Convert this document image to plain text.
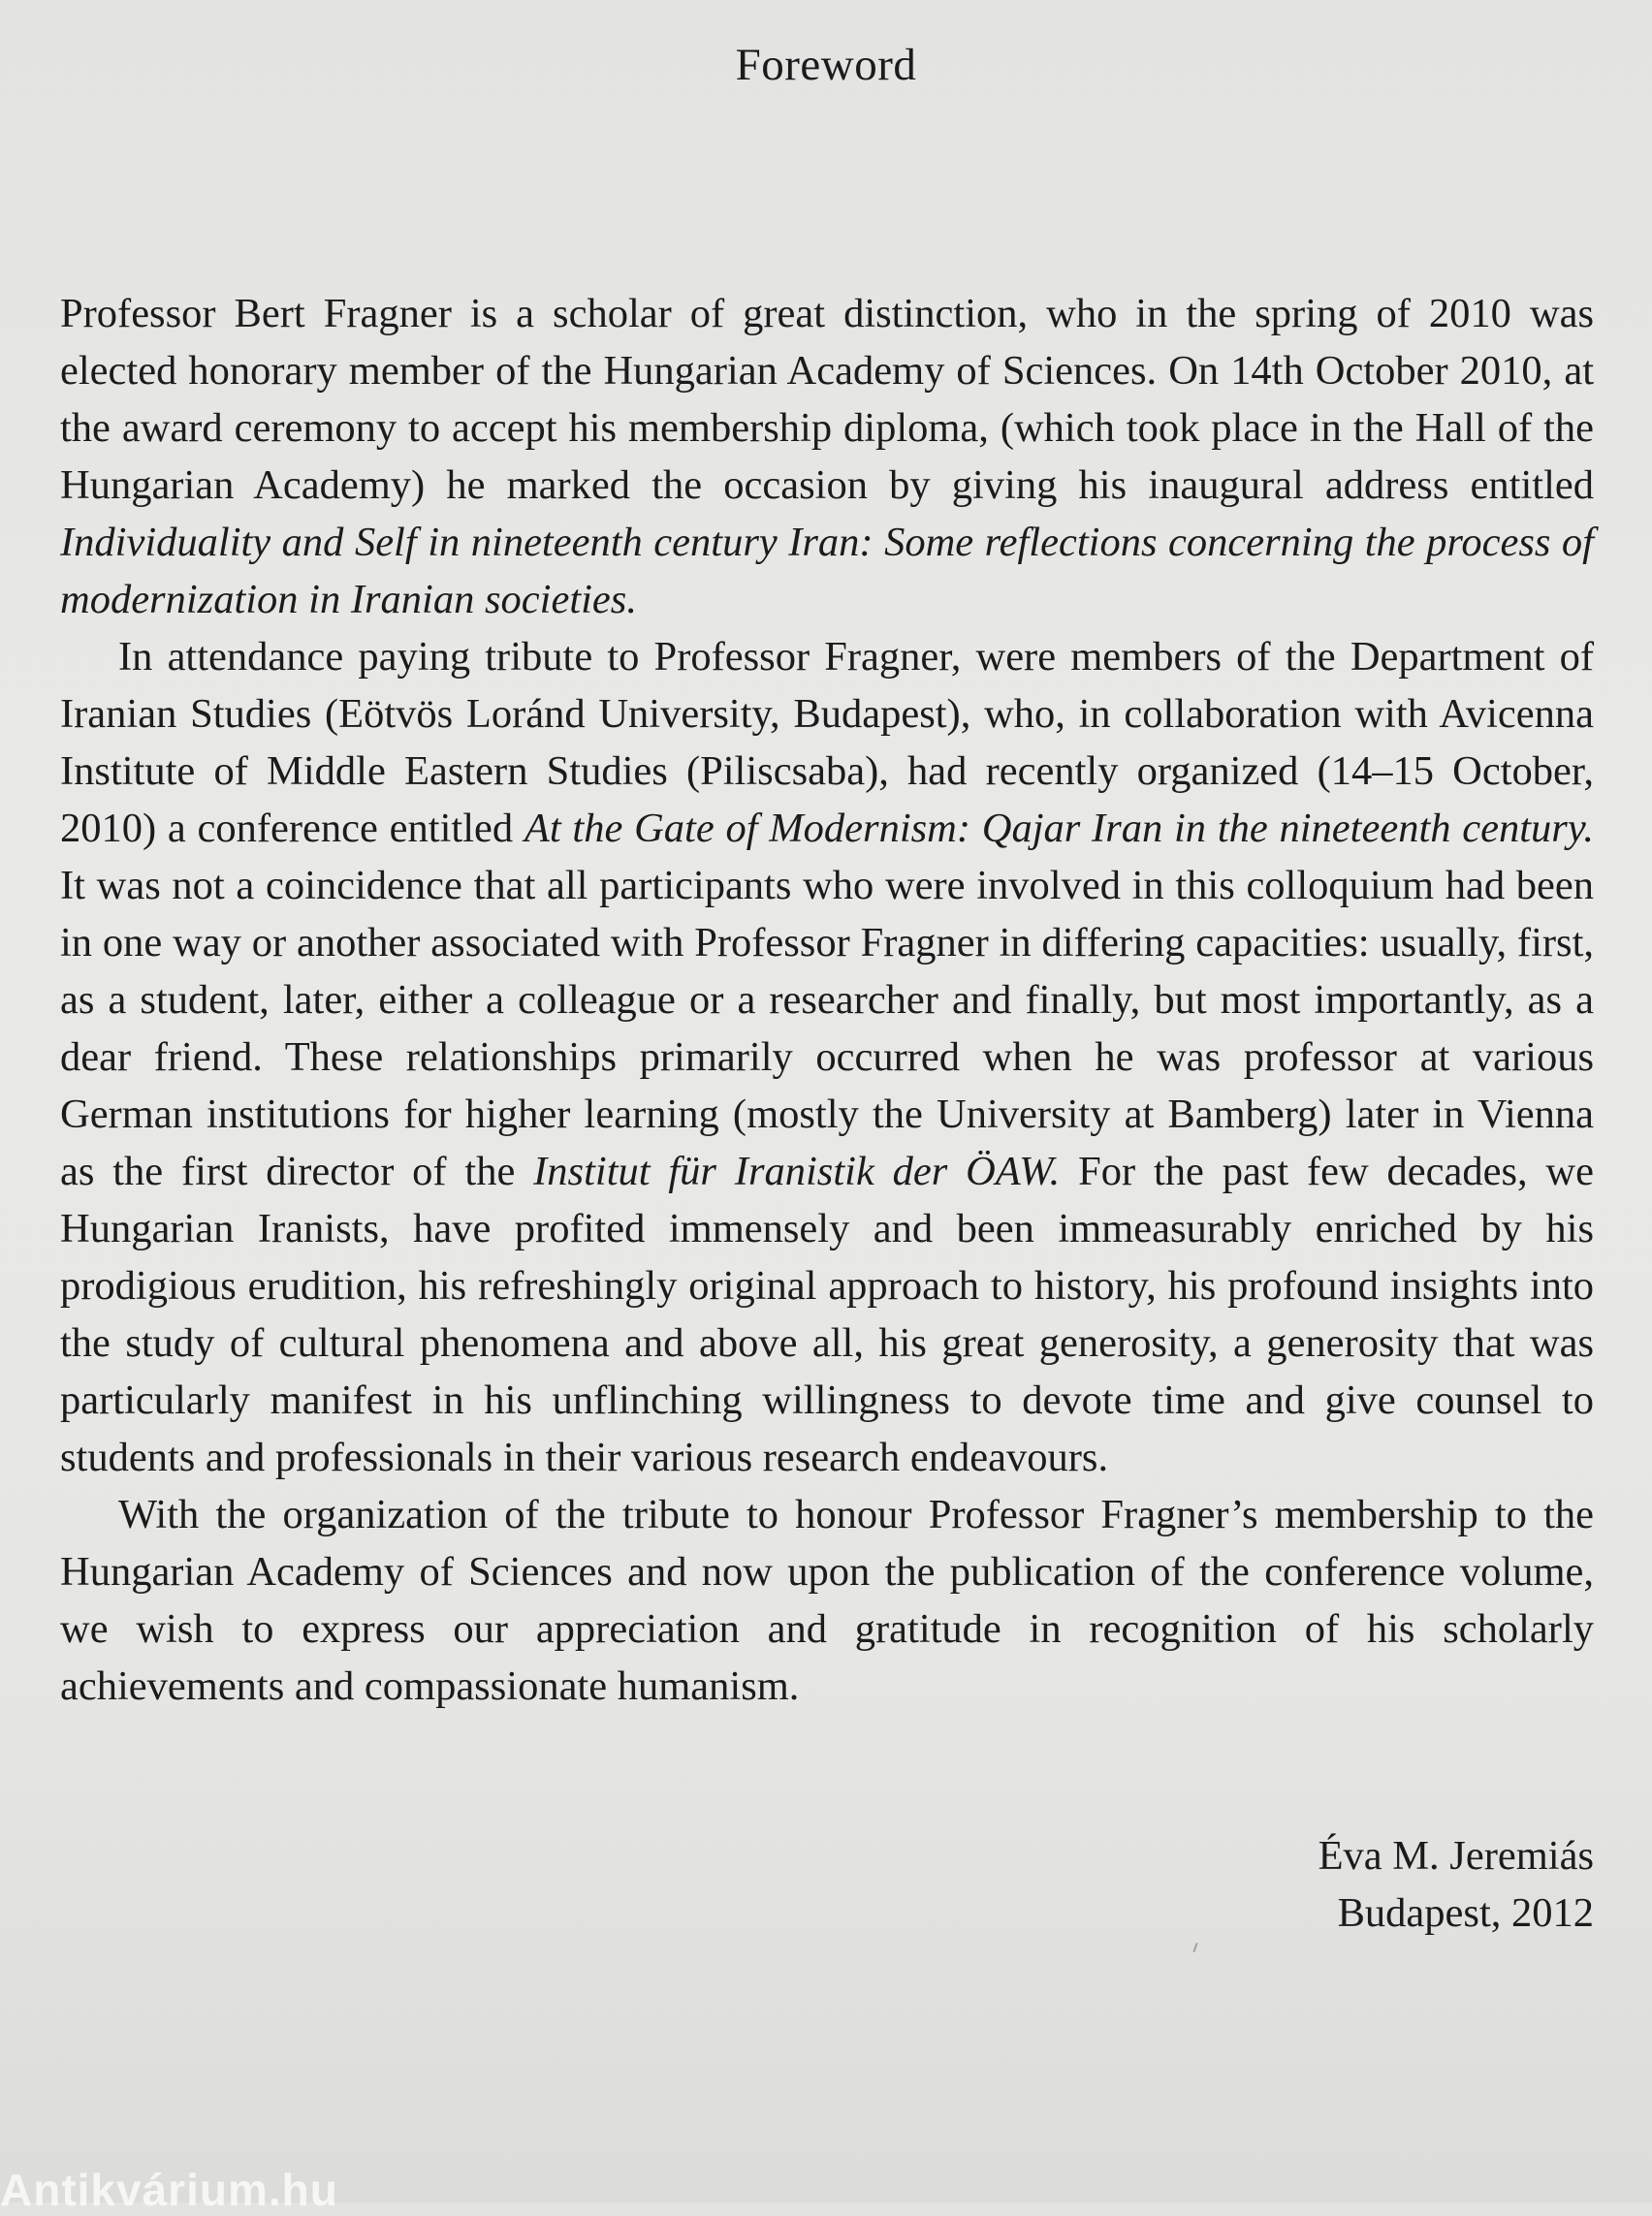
Foreword

Professor Bert Fragner is a scholar of great distinction, who in the spring of 2010 was elected honorary member of the Hungarian Academy of Sciences. On 14th October 2010, at the award ceremony to accept his membership diploma, (which took place in the Hall of the Hungarian Academy) he marked the occasion by giving his inaugural address entitled Individuality and Self in nineteenth century Iran: Some reflections concerning the process of modernization in Iranian societies.

In attendance paying tribute to Professor Fragner, were members of the Department of Iranian Studies (Eötvös Loránd University, Budapest), who, in collaboration with Avicenna Institute of Middle Eastern Studies (Piliscsaba), had recently organized (14–15 October, 2010) a conference entitled At the Gate of Modernism: Qajar Iran in the nineteenth century. It was not a coincidence that all participants who were involved in this colloquium had been in one way or another associated with Professor Fragner in differing capacities: usually, first, as a student, later, either a colleague or a researcher and finally, but most importantly, as a dear friend. These relationships primarily occurred when he was professor at various German institutions for higher learning (mostly the University at Bamberg) later in Vienna as the first director of the Institut für Iranistik der ÖAW. For the past few decades, we Hungarian Iranists, have profited immensely and been immeasurably enriched by his prodigious erudition, his refreshingly original approach to history, his profound insights into the study of cultural phenomena and above all, his great generosity, a generosity that was particularly manifest in his unflinching willingness to devote time and give counsel to students and professionals in their various research endeavours.

With the organization of the tribute to honour Professor Fragner’s membership to the Hungarian Academy of Sciences and now upon the publication of the conference volume, we wish to express our appreciation and gratitude in recognition of his scholarly achievements and compassionate humanism.

Éva M. Jeremiás
Budapest, 2012
Antikvárium.hu
